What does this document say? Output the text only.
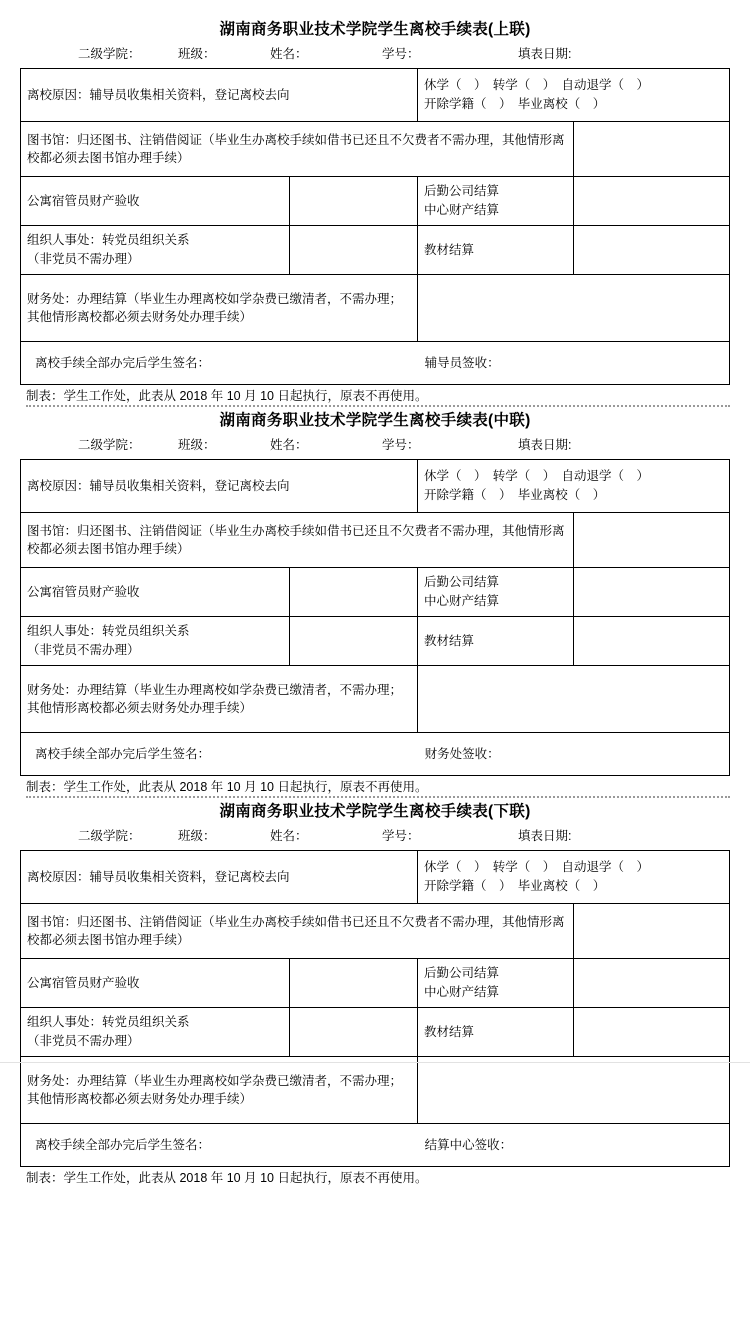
湖南商务职业技术学院学生离校手续表(上联)
二级学院：	班级：	姓名：	学号：	填表日期:
离校原因：辅导员收集相关资料，登记离校去向		休学（　）　转学（　）　自动退学（　）
开除学籍（　）　毕业离校（　）	

图书馆：归还图书、注销借阅证（毕业生办离校手续如借书已还且不欠费者不需办理，其他情形离校都必须去图书馆办理手续）			
公寓宿管员财产验收		后勤公司结算
中心财产结算	

组织人事处：转党员组织关系
（非党员不需办理）		教材结算	
财务处：办理结算（毕业生办理离校如学杂费已缴清者，不需办理；其他情形离校都必须去财务处办理手续）			

离校手续全部办完后学生签名： 辅导员签收：			
制表：学生工作处，此表从 2018 年 10 月 10 日起执行，原表不再使用。
湖南商务职业技术学院学生离校手续表(中联)
二级学院：	班级：	姓名：	学号：	填表日期:
离校原因：辅导员收集相关资料，登记离校去向		休学（　）　转学（　）　自动退学（　）
开除学籍（　）　毕业离校（　）	

图书馆：归还图书、注销借阅证（毕业生办离校手续如借书已还且不欠费者不需办理，其他情形离校都必须去图书馆办理手续）			
公寓宿管员财产验收		后勤公司结算
中心财产结算	

组织人事处：转党员组织关系
（非党员不需办理）		教材结算	
财务处：办理结算（毕业生办理离校如学杂费已缴清者，不需办理；其他情形离校都必须去财务处办理手续）			

离校手续全部办完后学生签名： 财务处签收：			
制表：学生工作处，此表从 2018 年 10 月 10 日起执行，原表不再使用。
湖南商务职业技术学院学生离校手续表(下联)
二级学院：	班级：	姓名：	学号：	填表日期:
离校原因：辅导员收集相关资料，登记离校去向		休学（　）　转学（　）　自动退学（　）
开除学籍（　）　毕业离校（　）	

图书馆：归还图书、注销借阅证（毕业生办离校手续如借书已还且不欠费者不需办理，其他情形离校都必须去图书馆办理手续）			
公寓宿管员财产验收		后勤公司结算
中心财产结算	

组织人事处：转党员组织关系
（非党员不需办理）		教材结算	
财务处：办理结算（毕业生办理离校如学杂费已缴清者，不需办理；其他情形离校都必须去财务处办理手续）			

离校手续全部办完后学生签名： 结算中心签收：			
制表：学生工作处，此表从 2018 年 10 月 10 日起执行，原表不再使用。
